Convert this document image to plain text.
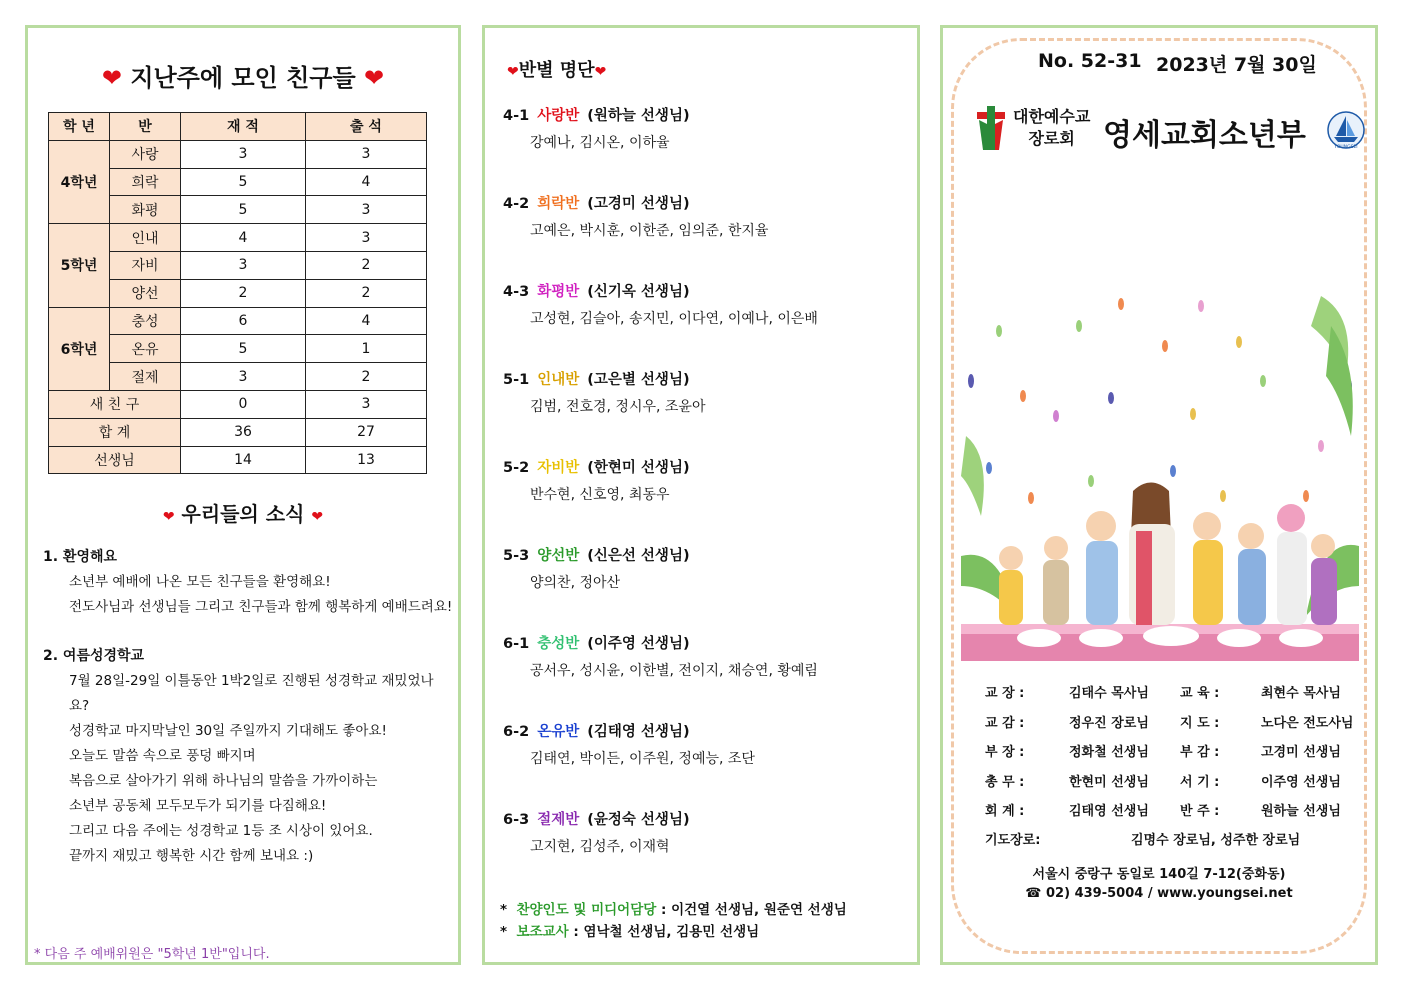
❤ 지난주에 모인 친구들 ❤
학 년	반	재 적	출 석
4학년	사랑	3	3
	희락	5	4
	화평	5	3
5학년	인내	4	3
	자비	3	2
	양선	2	2
6학년	충성	6	4
	온유	5	1
	절제	3	2
새 친 구		0	3
합 계		36	27
선생님		14	13
❤ 우리들의 소식 ❤
1. 환영해요
소년부 예배에 나온 모든 친구들을 환영해요!
전도사님과 선생님들 그리고 친구들과 함께 행복하게 예배드려요!
2. 여름성경학교
7월 28일-29일 이틀동안 1박2일로 진행된 성경학교 재밌었나요?
성경학교 마지막날인 30일 주일까지 기대해도 좋아요!
오늘도 말씀 속으로 풍덩 빠지며
복음으로 살아가기 위해 하나님의 말씀을 가까이하는
소년부 공동체 모두모두가 되기를 다짐해요!
그리고 다음 주에는 성경학교 1등 조 시상이 있어요.
끝까지 재밌고 행복한 시간 함께 보내요 :)
* 다음 주 예배위원은 "5학년 1반"입니다.
❤반별 명단❤
4-1 사랑반 (원하늘 선생님)
강예나, 김시온, 이하율
4-2 희락반 (고경미 선생님)
고예은, 박시훈, 이한준, 임의준, 한지율
4-3 화평반 (신기옥 선생님)
고성현, 김슬아, 송지민, 이다연, 이예나, 이은배
5-1 인내반 (고은별 선생님)
김범, 전호경, 정시우, 조윤아
5-2 자비반 (한현미 선생님)
반수현, 신호영, 최동우
5-3 양선반 (신은선 선생님)
양의찬, 정아산
6-1 충성반 (이주영 선생님)
공서우, 성시윤, 이한별, 전이지, 채승연, 황예림
6-2 온유반 (김태영 선생님)
김태연, 박이든, 이주원, 정예능, 조단
6-3 절제반 (윤정숙 선생님)
고지현, 김성주, 이재혁
*  찬양인도 및 미디어담당 : 이건열 선생님, 원준연 선생님
*  보조교사 : 염낙철 선생님, 김용민 선생님
No. 52-31 2023년 7월 30일
대한예수교
장로회 영세교회소년부	YOUNGSEI
교 장 :	김태수 목사님 교 육 :	최현수 목사님
교 감 :	정우진 장로님 지 도 :	노다은 전도사님
부 장 :	정화철 선생님 부 감 :	고경미 선생님
총 무 :	한현미 선생님 서 기 :	이주영 선생님
회 계 :	김태영 선생님 반 주 :	원하늘 선생님
기도장로:	김명수 장로님, 성주한 장로님
서울시 중랑구 동일로 140길 7-12(중화동)
☎ 02) 439-5004 / www.youngsei.net
